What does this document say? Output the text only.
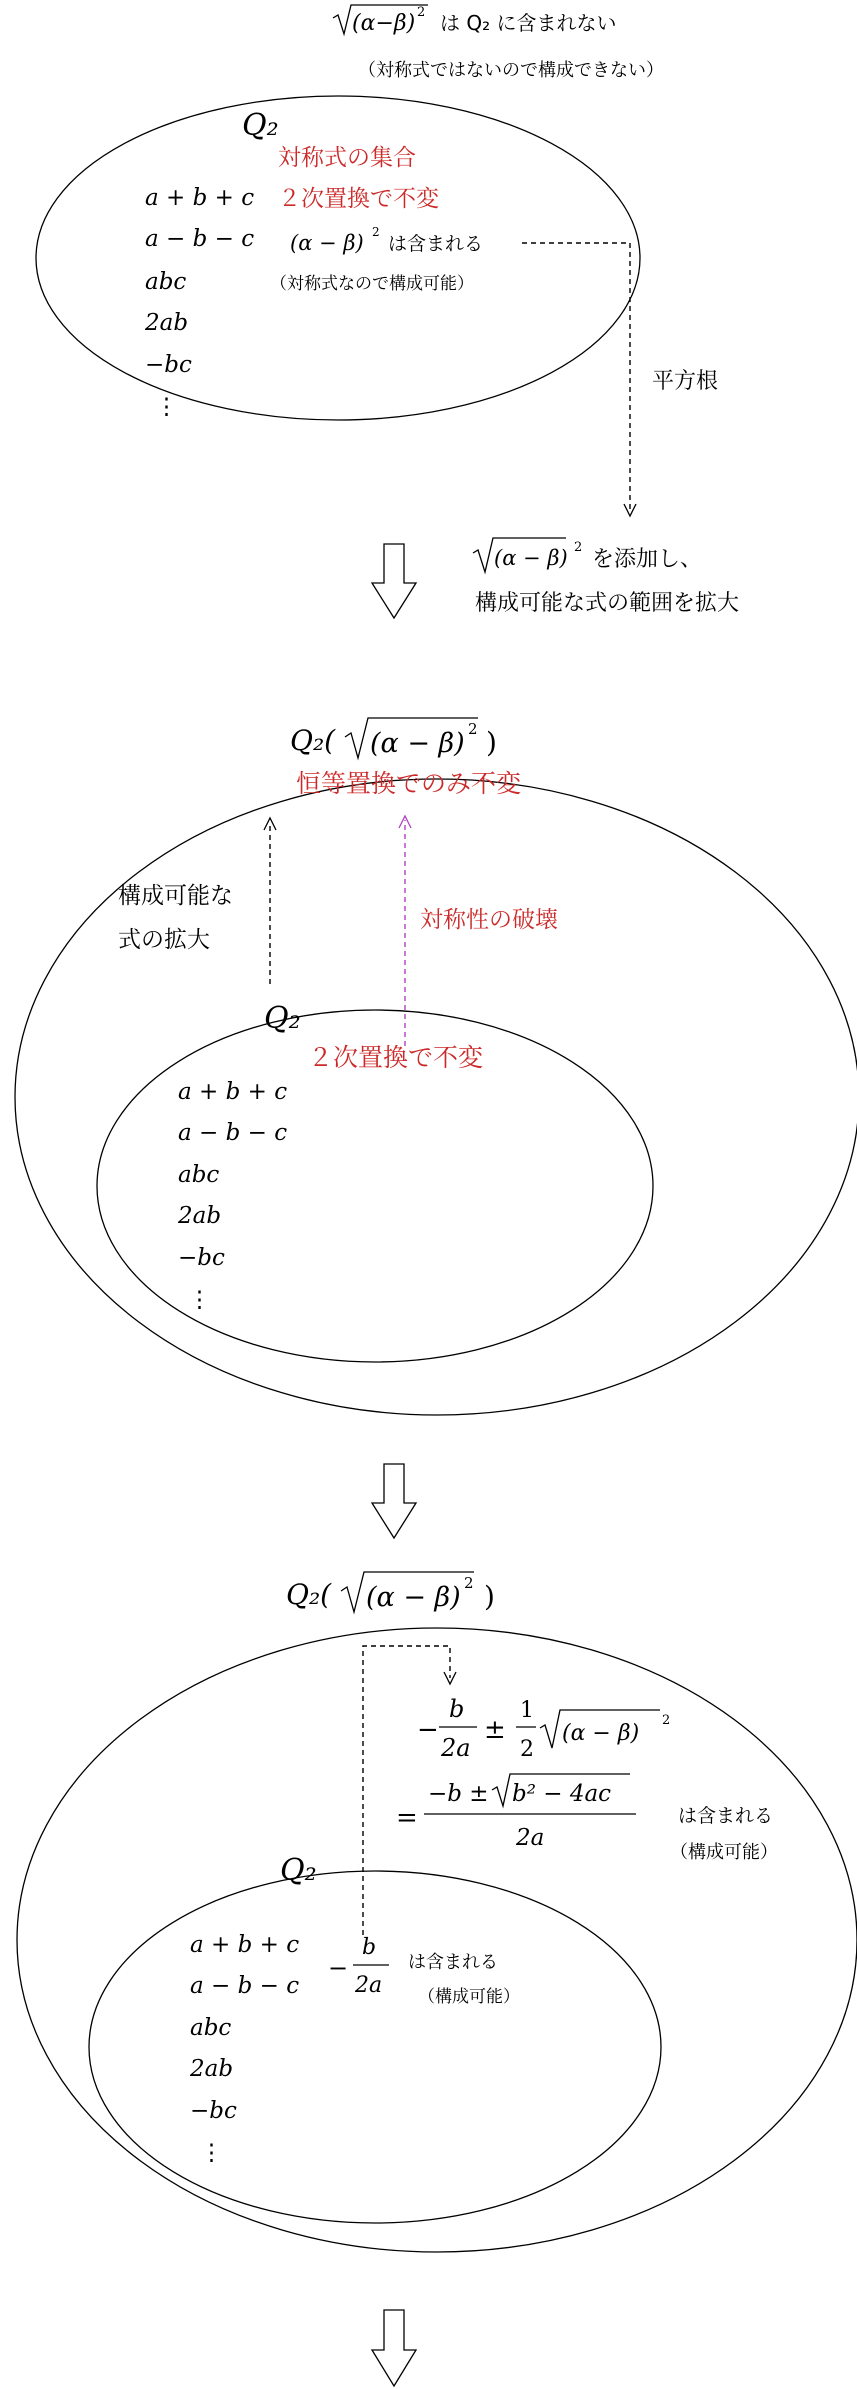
(α−β) 2 は Q₂ に含まれない
（対称式ではないので構成できない）
Q₂
対称式の集合
２次置換で不変
a + b + c
a − b − c
abc
2ab
−bc
⋮
(α − β) 2
は含まれる
（対称式なので構成可能）
平方根
(α − β) 2 を添加し、
構成可能な式の範囲を拡大
Q₂( (α − β) 2 )
恒等置換でのみ不変
構成可能な
式の拡大
対称性の破壊
Q₂
２次置換で不変
a + b + c
a − b − c
abc
2ab
−bc
⋮
Q₂( (α − β) 2 )
−
b
2a
±
1
2
(α − β)
2
=
−b ± b² − 4ac
2a
は含まれる
（構成可能）
Q₂
a + b + c
a − b − c
abc
2ab
−bc
⋮
−
b
2a
は含まれる
（構成可能）
